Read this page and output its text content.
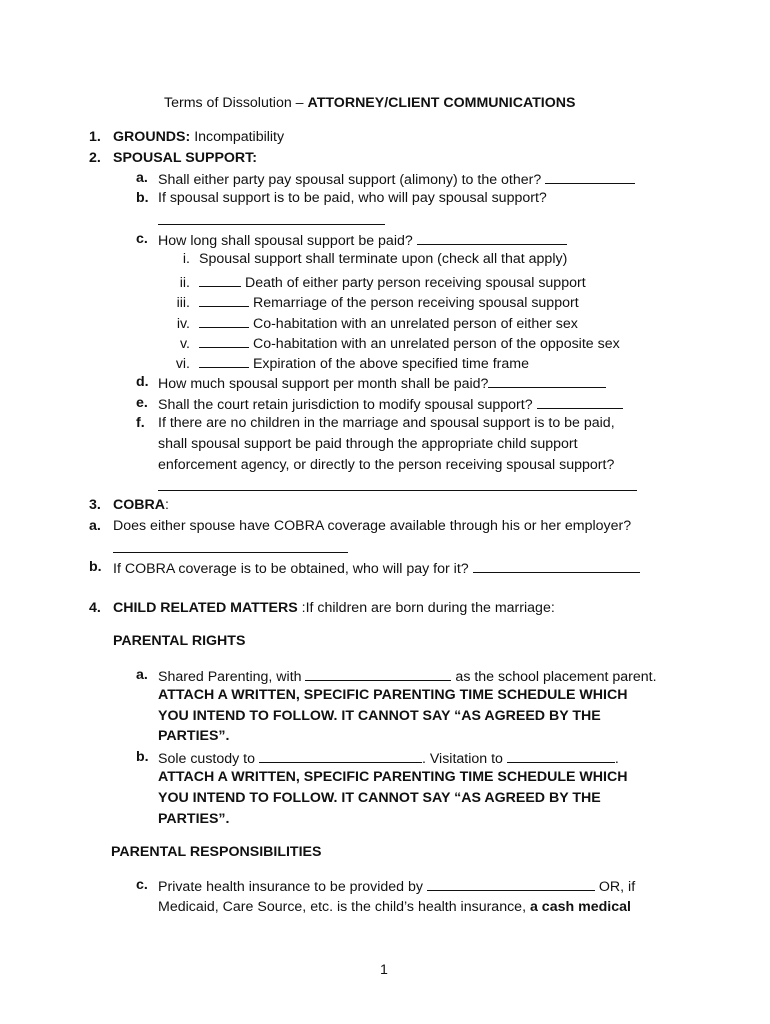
Terms of Dissolution – ATTORNEY/CLIENT COMMUNICATIONS
1. GROUNDS: Incompatibility
2. SPOUSAL SUPPORT:
a. Shall either party pay spousal support (alimony) to the other?
b. If spousal support is to be paid, who will pay spousal support?
c. How long shall spousal support be paid?
i. Spousal support shall terminate upon (check all that apply)
ii.	Death of either party person receiving spousal support
iii.	Remarriage of the person receiving spousal support
iv.	Co-habitation with an unrelated person of either sex
v.	Co-habitation with an unrelated person of the opposite sex
vi.	Expiration of the above specified time frame
d. How much spousal support per month shall be paid?
e. Shall the court retain jurisdiction to modify spousal support?
f. If there are no children in the marriage and spousal support is to be paid,
shall spousal support be paid through the appropriate child support
enforcement agency, or directly to the person receiving spousal support?
3. COBRA:
a. Does either spouse have COBRA coverage available through his or her employer?
b. If COBRA coverage is to be obtained, who will pay for it?
4. CHILD RELATED MATTERS :If children are born during the marriage:
PARENTAL RIGHTS
a. Shared Parenting, with	as the school placement parent.
ATTACH A WRITTEN, SPECIFIC PARENTING TIME SCHEDULE WHICH
YOU INTEND TO FOLLOW. IT CANNOT SAY “AS AGREED BY THE
PARTIES”.
b. Sole custody to	. Visitation to	.
ATTACH A WRITTEN, SPECIFIC PARENTING TIME SCHEDULE WHICH
YOU INTEND TO FOLLOW. IT CANNOT SAY “AS AGREED BY THE
PARTIES”.
PARENTAL RESPONSIBILITIES
c. Private health insurance to be provided by	OR, if
Medicaid, Care Source, etc. is the child’s health insurance, a cash medical
1
